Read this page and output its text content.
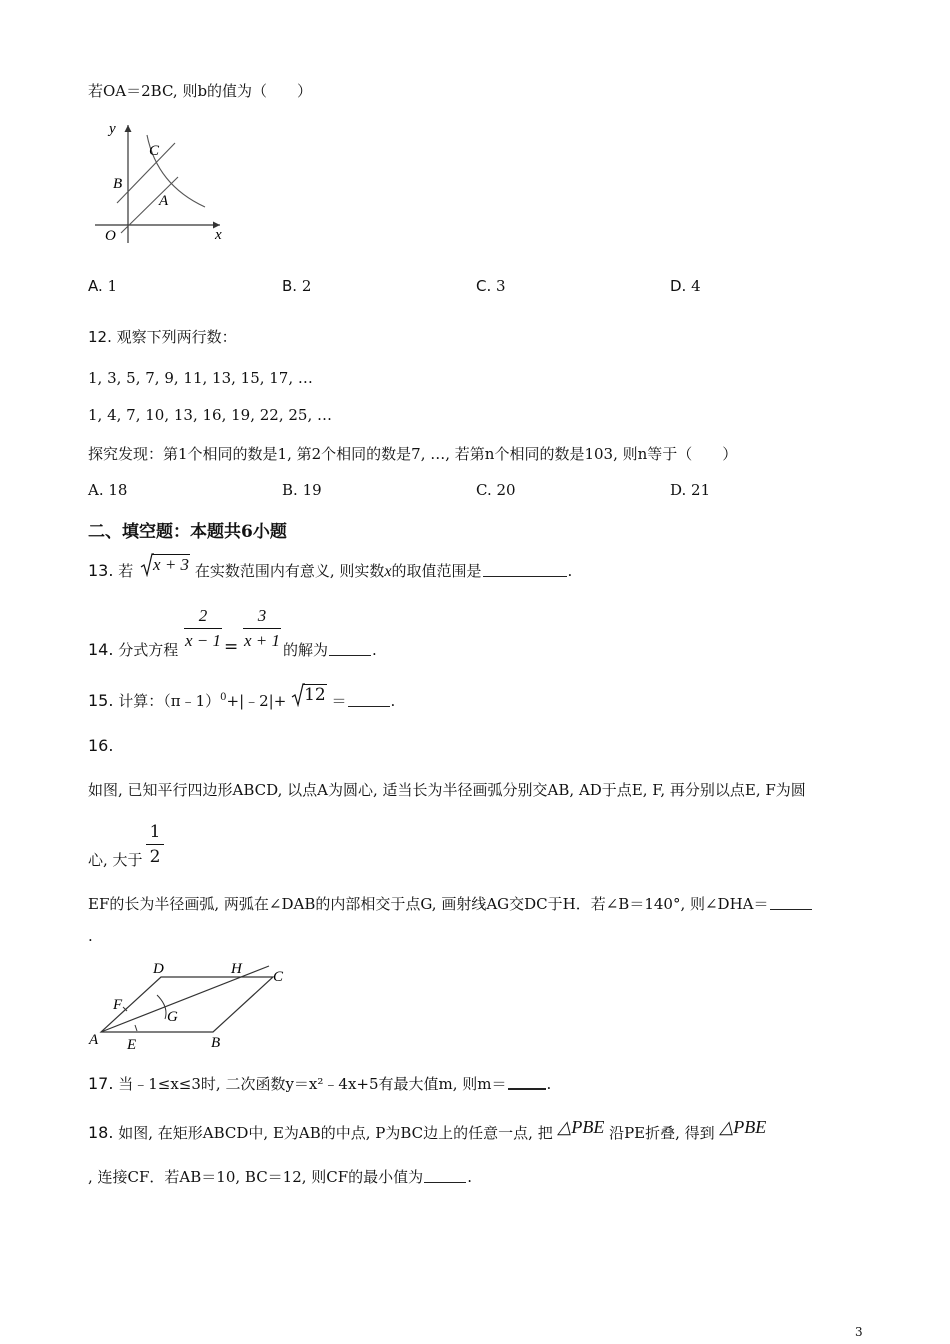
若OA＝2BC, 则b的值为（　　）
y
x
O
B
C
A
A. 1	B. 2	C. 3	D. 4
12. 观察下列两行数：
1, 3, 5, 7, 9, 11, 13, 15, 17, …
1, 4, 7, 10, 13, 16, 19, 22, 25, …
探究发现：第1个相同的数是1, 第2个相同的数是7, …, 若第n个相同的数是103, 则n等于（　　）
A. 18	B. 19	C. 20	D. 21
二、填空题：本题共6小题
13. 若 x + 3 在实数范围内有意义, 则实数x的取值范围是	.
14. 分式方程
2
x − 1 =
3
x + 1 的解为	.
15. 计算：（π﹣1）$^0$+|﹣2|+ 12 ＝	.
16.
如图, 已知平行四边形ABCD, 以点A为圆心, 适当长为半径画弧分别交AB, AD于点E, F, 再分别以点E, F为圆
心, 大于
1
2
EF的长为半径画弧, 两弧在∠DAB的内部相交于点G, 画射线AG交DC于H．若∠B＝140°, 则∠DHA＝
.
D	H C
F
G
A E	B
17. 当﹣1≤x≤3时, 二次函数y＝x²﹣4x+5有最大值m, 则m＝	.
18. 如图, 在矩形ABCD中, E为AB的中点, P为BC边上的任意一点, 把 △PBE 沿PE折叠, 得到 △PBE
, 连接CF．若AB＝10, BC＝12, 则CF的最小值为	.
3
